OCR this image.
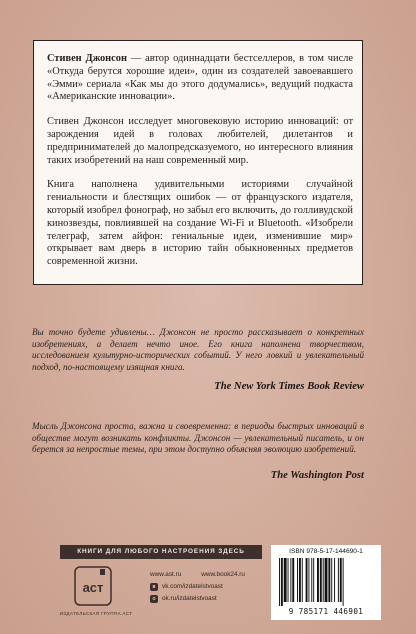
Стивен Джонсон — автор одиннадцати бестселлеров, в том числе «Откуда берутся хорошие идеи», один из создателей завоевавшего «Эмми» сериала «Как мы до этого додумались», ведущий подкаста «Американские инновации».

Стивен Джонсон исследует многовековую историю инноваций: от зарождения идей в головах любителей, дилетантов и предпринимателей до малопредсказуемого, но интересного влияния таких изобретений на наш современный мир.

Книга наполнена удивительными историями случайной гениальности и блестящих ошибок — от французского издателя, который изобрел фонограф, но забыл его включить, до голливудской кинозвезды, повлиявшей на создание Wi-Fi и Bluetooth. «Изобрели телеграф, затем айфон: гениальные идеи, изменившие мир» открывает вам дверь в историю тайн обыкновенных предметов современной жизни.

Вы точно будете удивлены… Джонсон не просто рассказывает о конкретных изобретениях, а делает нечто иное. Его книга наполнена творчеством, исследованием культурно-исторических событий. У него ловкий и увлекательный подход, по-настоящему изящная книга.
The New York Times Book Review
Мысль Джонсона проста, важна и своевременна: в периоды быстрых инноваций в обществе могут возникать конфликты. Джонсон — увлекательный писатель, и он берется за непростые темы, при этом доступно объясняя эволюцию изобретений.
The Washington Post
КНИГИ ДЛЯ ЛЮБОГО НАСТРОЕНИЯ ЗДЕСЬ
аст
ИЗДАТЕЛЬСКАЯ ГРУППА АСТ
www.ast.ru	www.book24.ru
в	vk.com/izdatelstvoast
о	ok.ru/izdatelstvoast
ISBN 978-5-17-144690-1
9 785171 446901
